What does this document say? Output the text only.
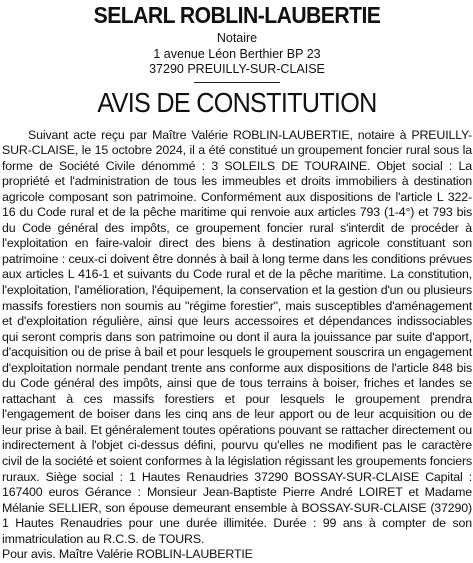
SELARL ROBLIN-LAUBERTIE
Notaire
1 avenue Léon Berthier BP 23
37290 PREUILLY-SUR-CLAISE
AVIS DE CONSTITUTION

Suivant acte reçu par Maître Valérie ROBLIN-LAUBERTIE, notaire à PREUILLY-SUR-CLAISE, le 15 octobre 2024, il a été constitué un groupement foncier rural sous la forme de Société Civile dénommé : 3 SOLEILS DE TOURAINE. Objet social : La propriété et l'administration de tous les immeubles et droits immobiliers à destination agricole composant son patrimoine. Conformément aux dispositions de l'article L 322-16 du Code rural et de la pêche maritime qui renvoie aux articles 793 (1-4°) et 793 bis du Code général des impôts, ce groupement foncier rural s'interdit de procéder à l'exploitation en faire-valoir direct des biens à destination agricole constituant son patrimoine : ceux-ci doivent être donnés à bail à long terme dans les conditions prévues aux articles L 416-1 et suivants du Code rural et de la pêche maritime. La constitution, l'exploitation, l'amélioration, l'équipement, la conservation et la gestion d'un ou plusieurs massifs forestiers non soumis au "régime forestier", mais susceptibles d'aménagement et d'exploitation régulière, ainsi que leurs accessoires et dépendances indissociables qui seront compris dans son patrimoine ou dont il aura la jouissance par suite d'apport, d'acquisition ou de prise à bail et pour lesquels le groupement souscrira un engagement d'exploitation normale pendant trente ans conforme aux dispositions de l'article 848 bis du Code général des impôts, ainsi que de tous terrains à boiser, friches et landes se rattachant à ces massifs forestiers et pour lesquels le groupement prendra l'engagement de boiser dans les cinq ans de leur apport ou de leur acquisition ou de leur prise à bail. Et généralement toutes opérations pouvant se rattacher directement ou indirectement à l'objet ci-dessus défini, pourvu qu'elles ne modifient pas le caractère civil de la société et soient conformes à la législation régissant les groupements fonciers ruraux. Siège social : 1 Hautes Renaudries 37290 BOSSAY-SUR-CLAISE Capital : 167400 euros Gérance : Monsieur Jean-Baptiste Pierre André LOIRET et Madame Mélanie SELLIER, son épouse demeurant ensemble à BOSSAY-SUR-CLAISE (37290) 1 Hautes Renaudries pour une durée illimitée. Durée : 99 ans à compter de son immatriculation au R.C.S. de TOURS.

Pour avis. Maître Valérie ROBLIN-LAUBERTIE
